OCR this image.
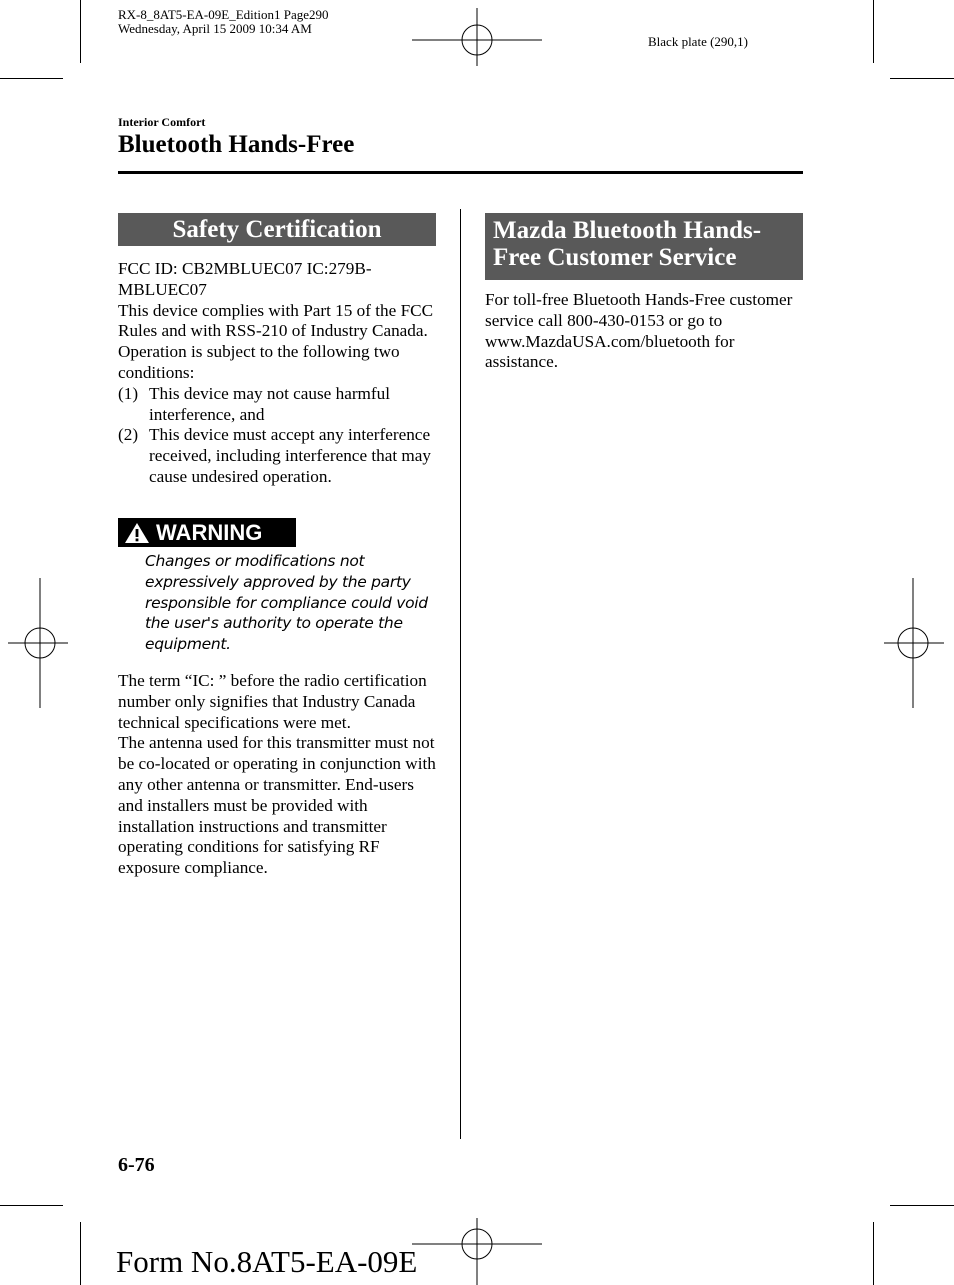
RX-8_8AT5-EA-09E_Edition1 Page290
Wednesday, April 15 2009 10:34 AM
Black plate (290,1)
Interior Comfort
Bluetooth Hands-Free
Safety Certification

FCC ID: CB2MBLUEC07 IC:279B-MBLUEC07

This device complies with Part 15 of the FCC Rules and with RSS-210 of Industry Canada. Operation is subject to the following two conditions:

(1) This device may not cause harmful interference, and
(2) This device must accept any interference received, including interference that may cause undesired operation.
WARNING
Changes or modifications not expressively approved by the party responsible for compliance could void the user's authority to operate the equipment.

The term “IC: ” before the radio certification number only signifies that Industry Canada technical specifications were met.

The antenna used for this transmitter must not be co-located or operating in conjunction with any other antenna or transmitter. End-users and installers must be provided with installation instructions and transmitter operating conditions for satisfying RF exposure compliance.

Mazda Bluetooth Hands-Free Customer Service
For toll-free Bluetooth Hands-Free customer service call 800-430-0153 or go to www.MazdaUSA.com/bluetooth for assistance.
6-76
Form No.8AT5-EA-09E
